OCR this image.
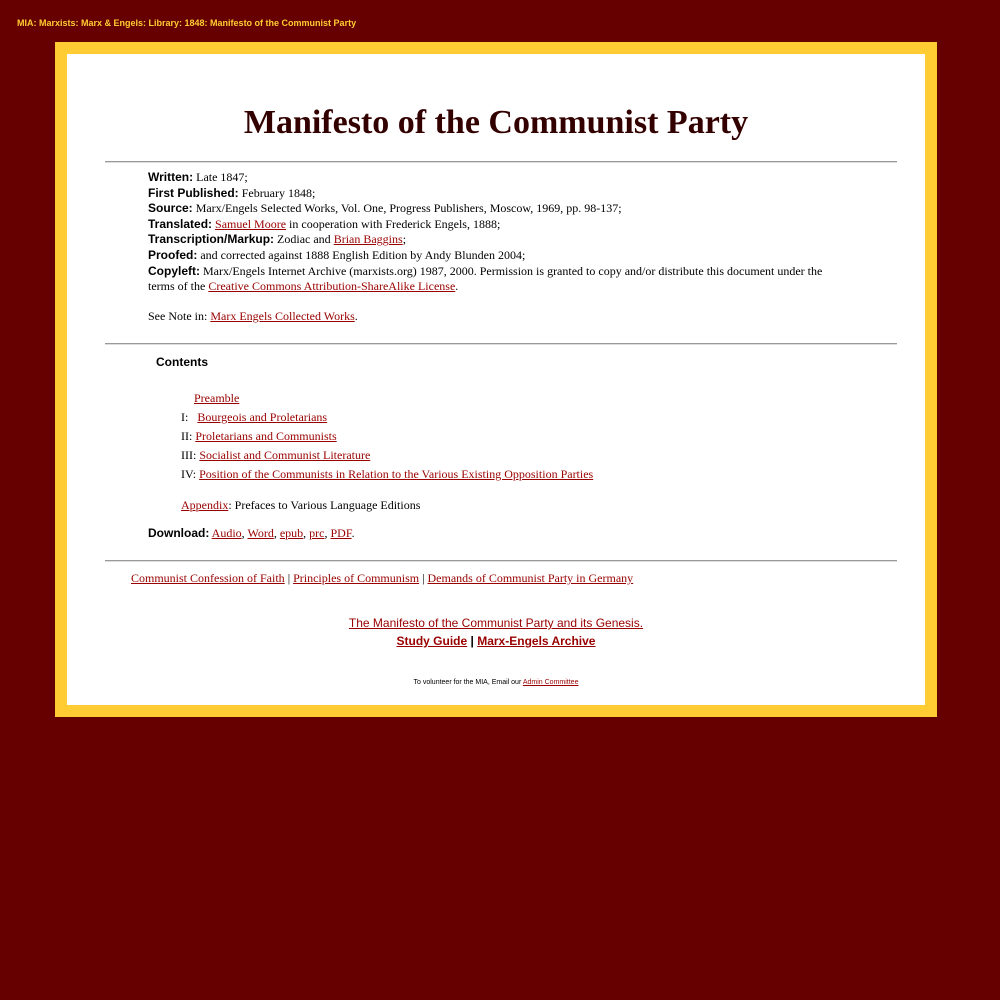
MIA: Marxists: Marx & Engels: Library: 1848: Manifesto of the Communist Party
Manifesto of the Communist Party
Written: Late 1847;
First Published: February 1848;
Source: Marx/Engels Selected Works, Vol. One, Progress Publishers, Moscow, 1969, pp. 98-137;
Translated: Samuel Moore in cooperation with Frederick Engels, 1888;
Transcription/Markup: Zodiac and Brian Baggins;
Proofed: and corrected against 1888 English Edition by Andy Blunden 2004;
Copyleft: Marx/Engels Internet Archive (marxists.org) 1987, 2000. Permission is granted to copy and/or distribute this document under the terms of the Creative Commons Attribution-ShareAlike License.
See Note in: Marx Engels Collected Works.
Contents
Preamble
I: Bourgeois and Proletarians
II: Proletarians and Communists
III: Socialist and Communist Literature
IV: Position of the Communists in Relation to the Various Existing Opposition Parties
Appendix: Prefaces to Various Language Editions
Download: Audio, Word, epub, prc, PDF.
Communist Confession of Faith | Principles of Communism | Demands of Communist Party in Germany
The Manifesto of the Communist Party and its Genesis.
Study Guide | Marx-Engels Archive
To volunteer for the MIA, Email our Admin Committee
